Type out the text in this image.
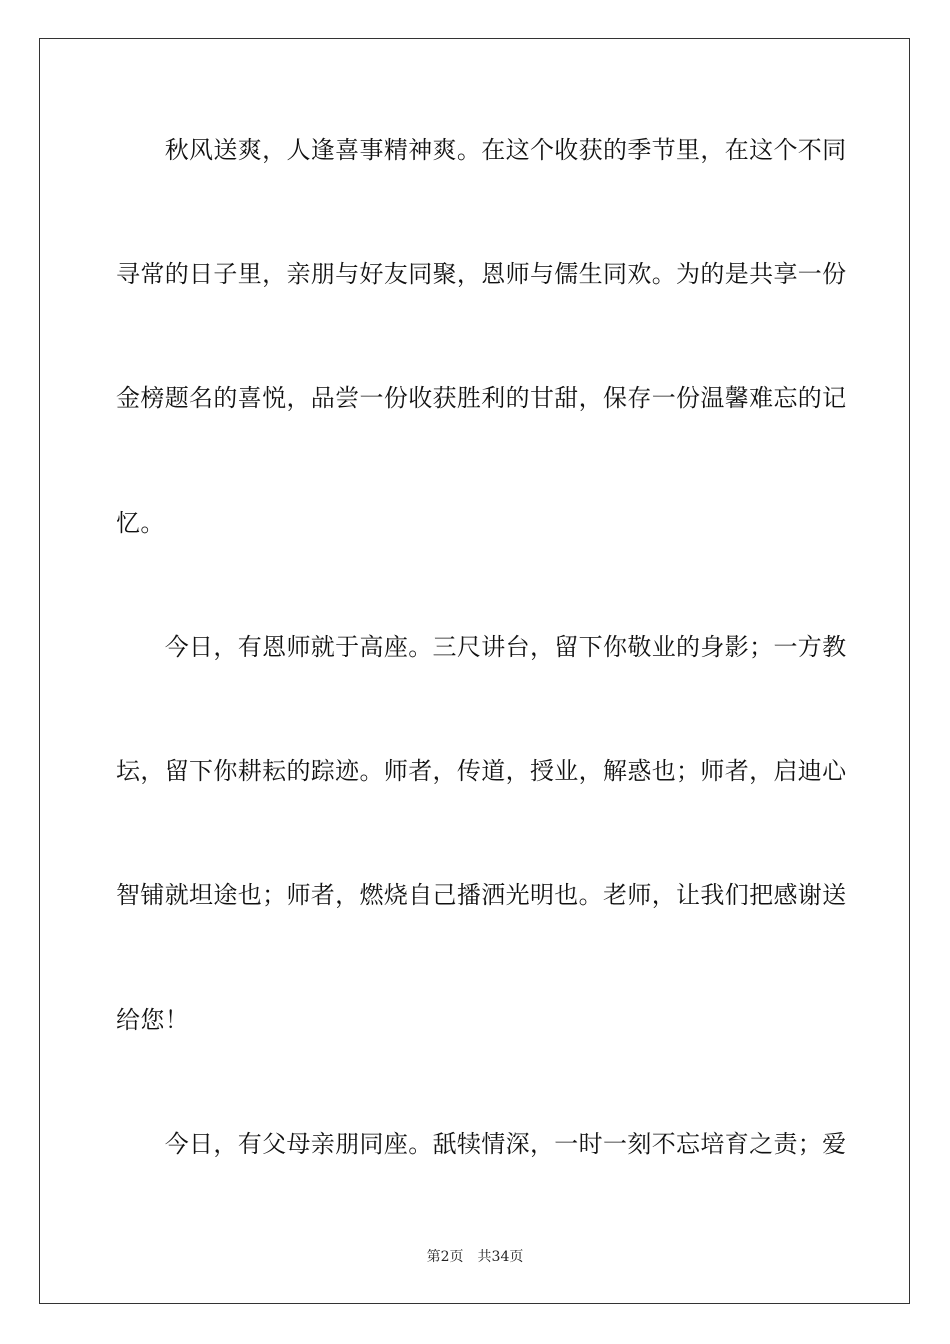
　　秋风送爽，人逢喜事精神爽。在这个收获的季节里，在这个不同
寻常的日子里，亲朋与好友同聚，恩师与儒生同欢。为的是共享一份
金榜题名的喜悦，品尝一份收获胜利的甘甜，保存一份温馨难忘的记
忆。
　　今日，有恩师就于高座。三尺讲台，留下你敬业的身影；一方教
坛，留下你耕耘的踪迹。师者，传道，授业，解惑也；师者，启迪心
智铺就坦途也；师者，燃烧自己播洒光明也。老师，让我们把感谢送
给您！
　　今日，有父母亲朋同座。舐犊情深，一时一刻不忘培育之责；爱
第2页 共34页
